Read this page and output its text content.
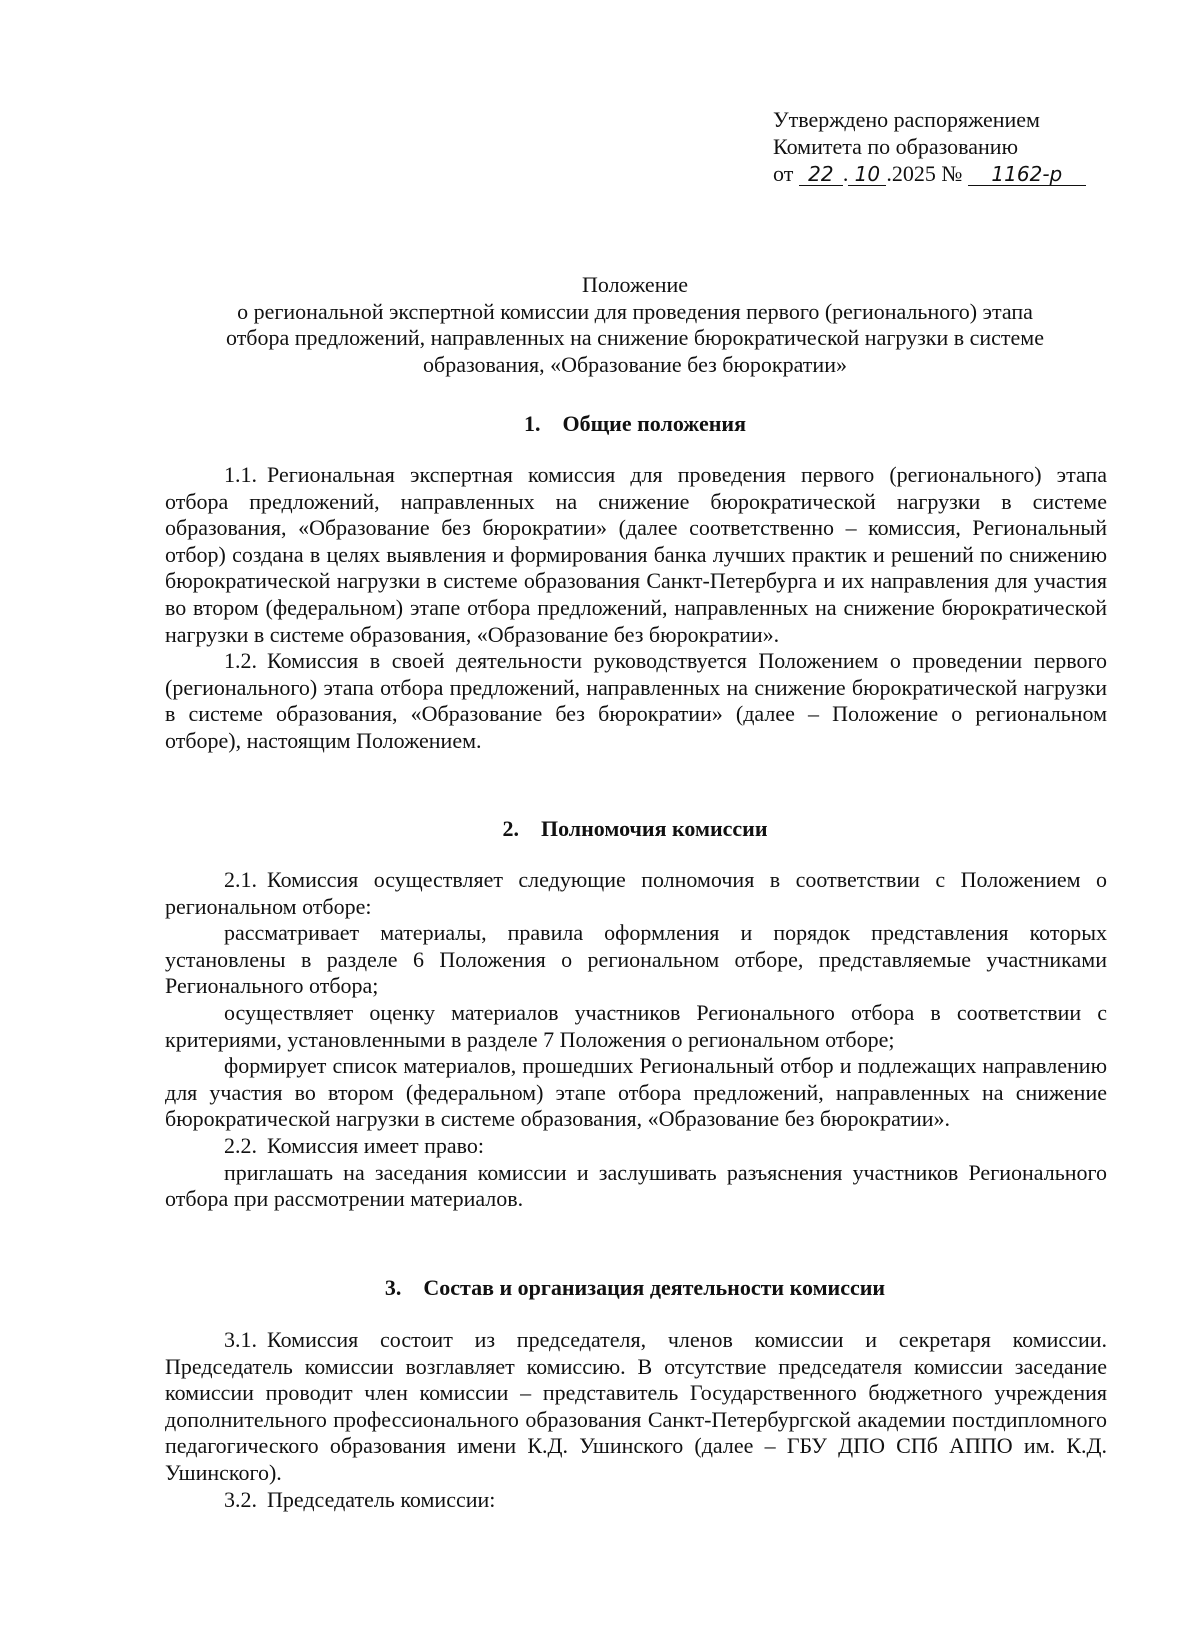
Утверждено распоряжением
Комитета по образованию
от 22 . 10 .2025 № 1162-р
Положение
о региональной экспертной комиссии для проведения первого (регионального) этапа
отбора предложений, направленных на снижение бюрократической нагрузки в системе
образования, «Образование без бюрократии»
1. Общие положения

1.1. Региональная экспертная комиссия для проведения первого (регионального) этапа отбора предложений, направленных на снижение бюрократической нагрузки в системе образования, «Образование без бюрократии» (далее соответственно – комиссия, Региональный отбор) создана в целях выявления и формирования банка лучших практик и решений по снижению бюрократической нагрузки в системе образования Санкт-Петербурга и их направления для участия во втором (федеральном) этапе отбора предложений, направленных на снижение бюрократической нагрузки в системе образования, «Образование без бюрократии».

1.2. Комиссия в своей деятельности руководствуется Положением о проведении первого (регионального) этапа отбора предложений, направленных на снижение бюрократической нагрузки в системе образования, «Образование без бюрократии» (далее – Положение о региональном отборе), настоящим Положением.

2. Полномочия комиссии

2.1. Комиссия осуществляет следующие полномочия в соответствии с Положением о региональном отборе:

рассматривает материалы, правила оформления и порядок представления которых установлены в разделе 6 Положения о региональном отборе, представляемые участниками Регионального отбора;

осуществляет оценку материалов участников Регионального отбора в соответствии с критериями, установленными в разделе 7 Положения о региональном отборе;

формирует список материалов, прошедших Региональный отбор и подлежащих направлению для участия во втором (федеральном) этапе отбора предложений, направленных на снижение бюрократической нагрузки в системе образования, «Образование без бюрократии».

2.2. Комиссия имеет право:

приглашать на заседания комиссии и заслушивать разъяснения участников Регионального отбора при рассмотрении материалов.

3. Состав и организация деятельности комиссии

3.1. Комиссия состоит из председателя, членов комиссии и секретаря комиссии. Председатель комиссии возглавляет комиссию. В отсутствие председателя комиссии заседание комиссии проводит член комиссии – представитель Государственного бюджетного учреждения дополнительного профессионального образования Санкт-Петербургской академии постдипломного педагогического образования имени К.Д. Ушинского (далее – ГБУ ДПО СПб АППО им. К.Д. Ушинского).

3.2. Председатель комиссии:
